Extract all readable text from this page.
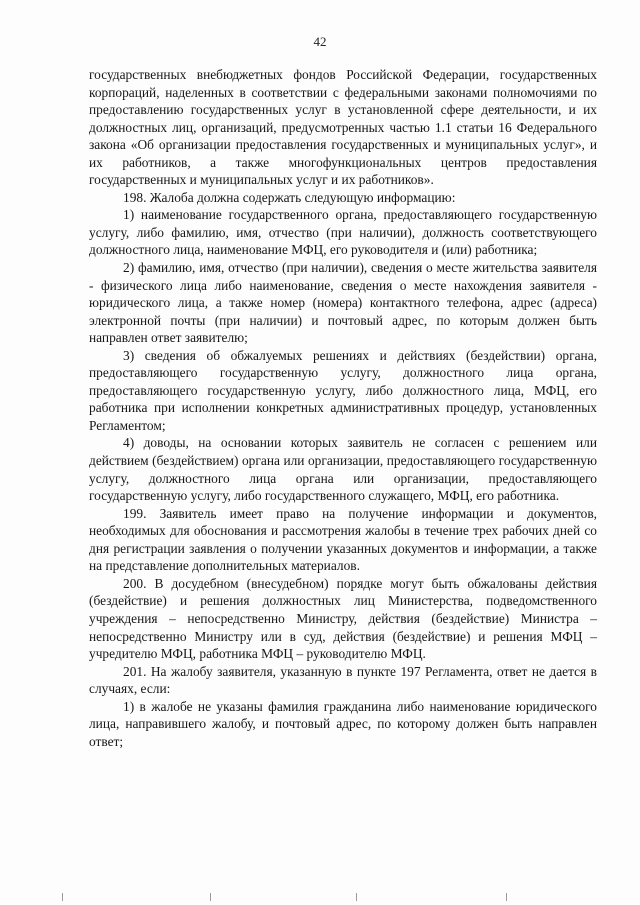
42

государственных внебюджетных фондов Российской Федерации, государственных корпораций, наделенных в соответствии с федеральными законами полномочиями по предоставлению государственных услуг в установленной сфере деятельности, и их должностных лиц, организаций, предусмотренных частью 1.1 статьи 16 Федерального закона «Об организации предоставления государственных и муниципальных услуг», и их работников, а также многофункциональных центров предоставления государственных и муниципальных услуг и их работников».

198. Жалоба должна содержать следующую информацию:

1) наименование государственного органа, предоставляющего государственную услугу, либо фамилию, имя, отчество (при наличии), должность соответствующего должностного лица, наименование МФЦ, его руководителя и (или) работника;

2) фамилию, имя, отчество (при наличии), сведения о месте жительства заявителя - физического лица либо наименование, сведения о месте нахождения заявителя - юридического лица, а также номер (номера) контактного телефона, адрес (адреса) электронной почты (при наличии) и почтовый адрес, по которым должен быть направлен ответ заявителю;

3) сведения об обжалуемых решениях и действиях (бездействии) органа, предоставляющего государственную услугу, должностного лица органа, предоставляющего государственную услугу, либо должностного лица, МФЦ, его работника при исполнении конкретных административных процедур, установленных Регламентом;

4) доводы, на основании которых заявитель не согласен с решением или действием (бездействием) органа или организации, предоставляющего государственную услугу, должностного лица органа или организации, предоставляющего государственную услугу, либо государственного служащего, МФЦ, его работника.

199. Заявитель имеет право на получение информации и документов, необходимых для обоснования и рассмотрения жалобы в течение трех рабочих дней со дня регистрации заявления о получении указанных документов и информации, а также на представление дополнительных материалов.

200. В досудебном (внесудебном) порядке могут быть обжалованы действия (бездействие) и решения должностных лиц Министерства, подведомственного учреждения – непосредственно Министру, действия (бездействие) Министра – непосредственно Министру или в суд, действия (бездействие) и решения МФЦ – учредителю МФЦ, работника МФЦ – руководителю МФЦ.

201. На жалобу заявителя, указанную в пункте 197 Регламента, ответ не дается в случаях, если:

1) в жалобе не указаны фамилия гражданина либо наименование юридического лица, направившего жалобу, и почтовый адрес, по которому должен быть направлен ответ;
